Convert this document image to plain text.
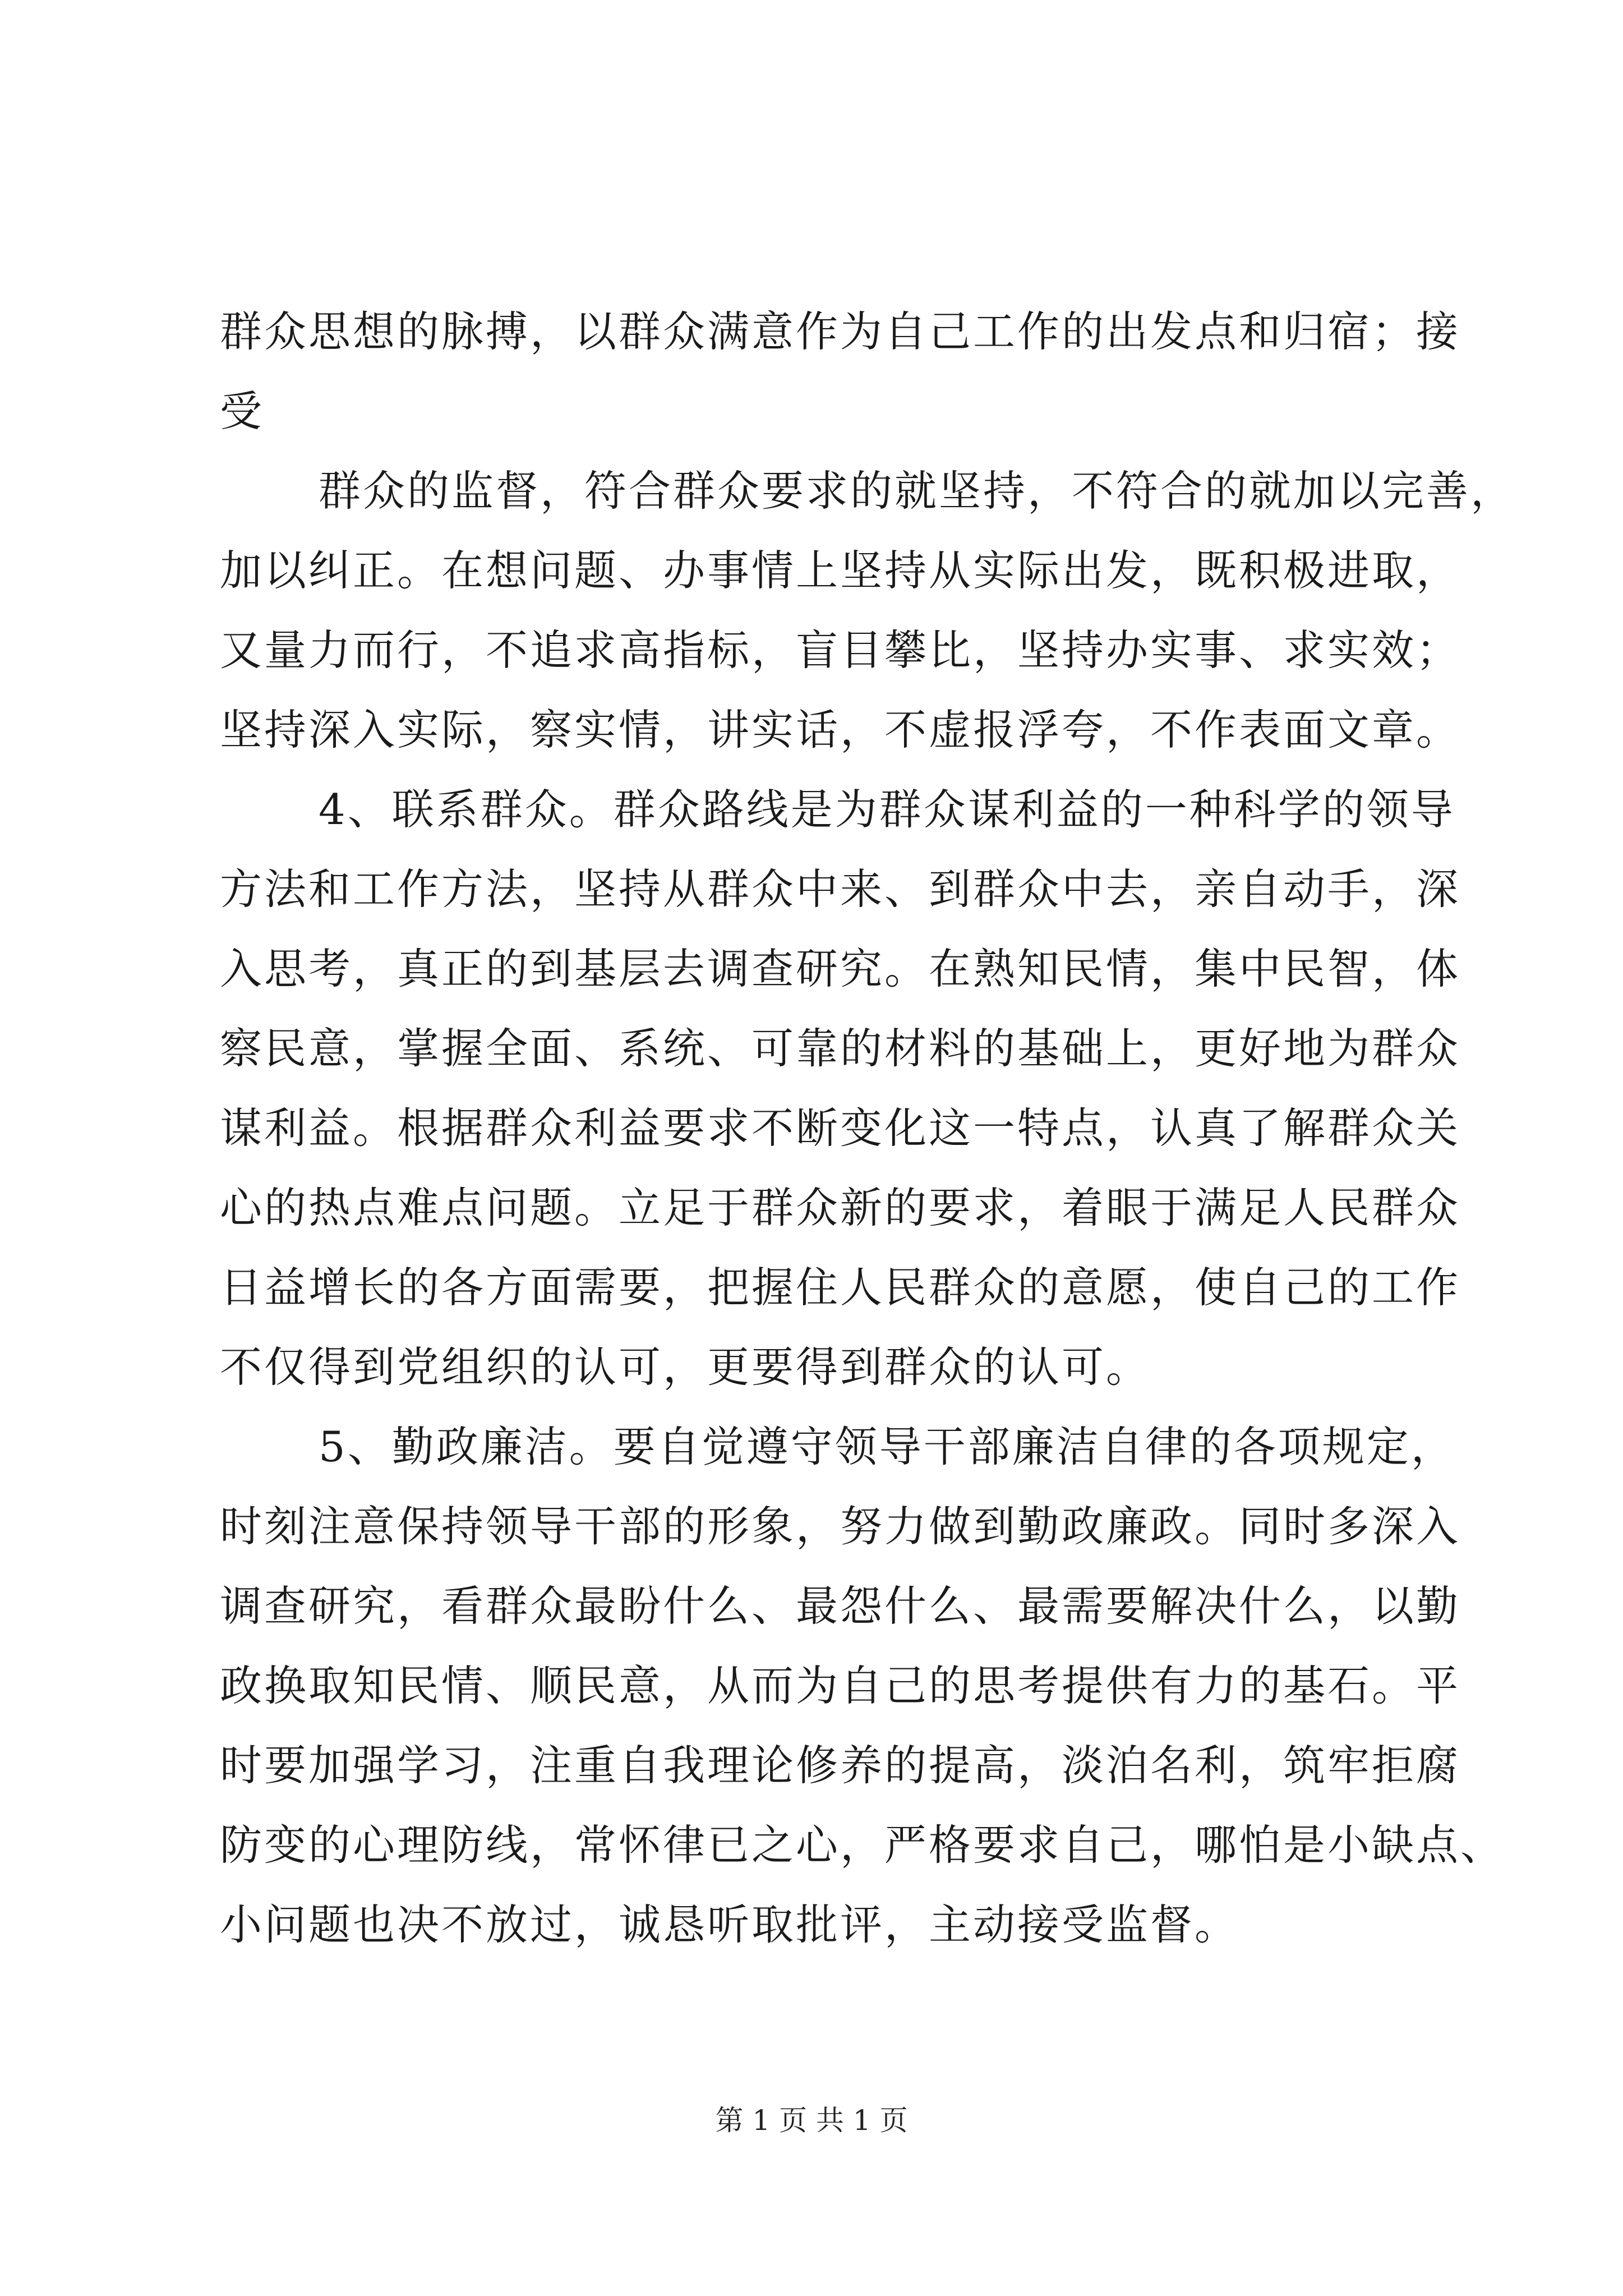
群众思想的脉搏，以群众满意作为自己工作的出发点和归宿；接
受
群众的监督，符合群众要求的就坚持，不符合的就加以完善，
加以纠正。在想问题、办事情上坚持从实际出发，既积极进取，
又量力而行，不追求高指标，盲目攀比，坚持办实事、求实效；
坚持深入实际，察实情，讲实话，不虚报浮夸，不作表面文章。
4、联系群众。群众路线是为群众谋利益的一种科学的领导
方法和工作方法，坚持从群众中来、到群众中去，亲自动手，深
入思考，真正的到基层去调查研究。在熟知民情，集中民智，体
察民意，掌握全面、系统、可靠的材料的基础上，更好地为群众
谋利益。根据群众利益要求不断变化这一特点，认真了解群众关
心的热点难点问题。立足于群众新的要求，着眼于满足人民群众
日益增长的各方面需要，把握住人民群众的意愿，使自己的工作
不仅得到党组织的认可，更要得到群众的认可。
5、勤政廉洁。要自觉遵守领导干部廉洁自律的各项规定，
时刻注意保持领导干部的形象，努力做到勤政廉政。同时多深入
调查研究，看群众最盼什么、最怨什么、最需要解决什么，以勤
政换取知民情、顺民意，从而为自己的思考提供有力的基石。平
时要加强学习，注重自我理论修养的提高，淡泊名利，筑牢拒腐
防变的心理防线，常怀律已之心，严格要求自己，哪怕是小缺点、
小问题也决不放过，诚恳听取批评，主动接受监督。
第 1 页 共 1 页
